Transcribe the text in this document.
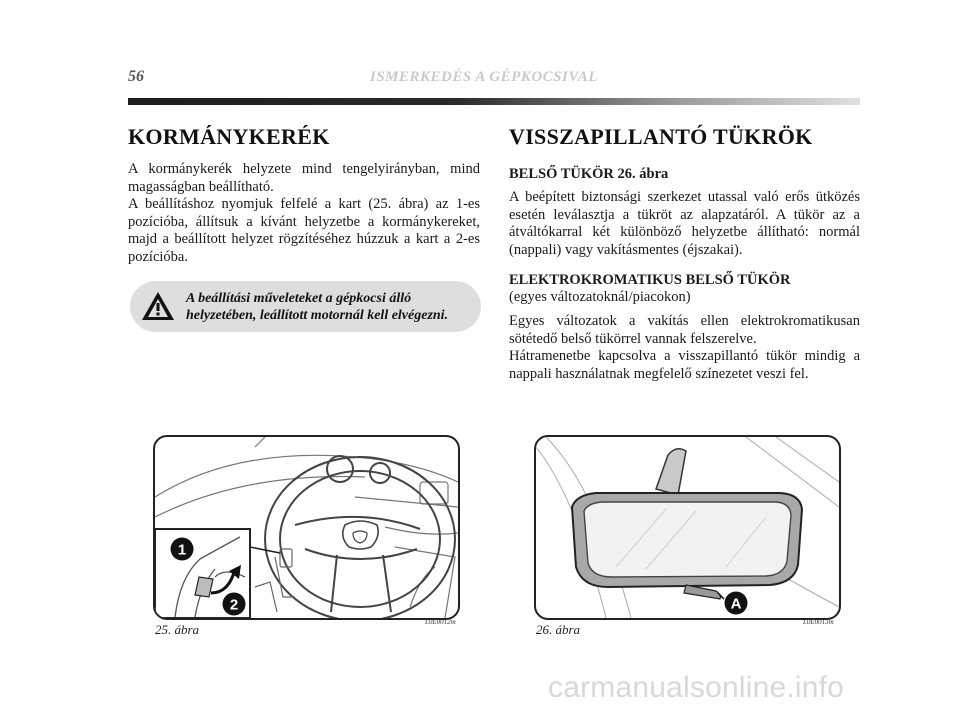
56	ISMERKEDÉS A GÉPKOCSIVAL
KORMÁNYKERÉK

A kormánykerék helyzete mind tengelyirányban, mind magasságban beállítható.

A beállításhoz nyomjuk felfelé a kart (25. ábra) az 1-es pozícióba, állítsuk a kívánt helyzetbe a kormánykereket, majd a beállított helyzet rögzítéséhez húzzuk a kart a 2-es pozícióba.

A beállítási műveleteket a gépkocsi álló helyzetében, leállított motornál kell elvégezni.
VISSZAPILLANTÓ TÜKRÖK
BELSŐ TÜKÖR 26. ábra
A beépített biztonsági szerkezet utassal való erős ütközés esetén leválasztja a tükröt az alapzatáról. A tükör az a átváltókarral két különböző helyzetbe állítható: normál (nappali) vagy vakításmentes (éjszakai).
ELEKTROKROMATIKUS BELSŐ TÜKÖR
(egyes változatoknál/piacokon)

Egyes változatok a vakítás ellen elektrokromatikusan sötétedő belső tükörrel vannak felszerelve.

Hátramenetbe kapcsolva a visszapillantó tükör mindig a nappali használatnak megfelelő színezetet veszi fel.

1
2
25. ábra	L0E0012m
A
26. ábra	L0E0013m
carmanualsonline.info
